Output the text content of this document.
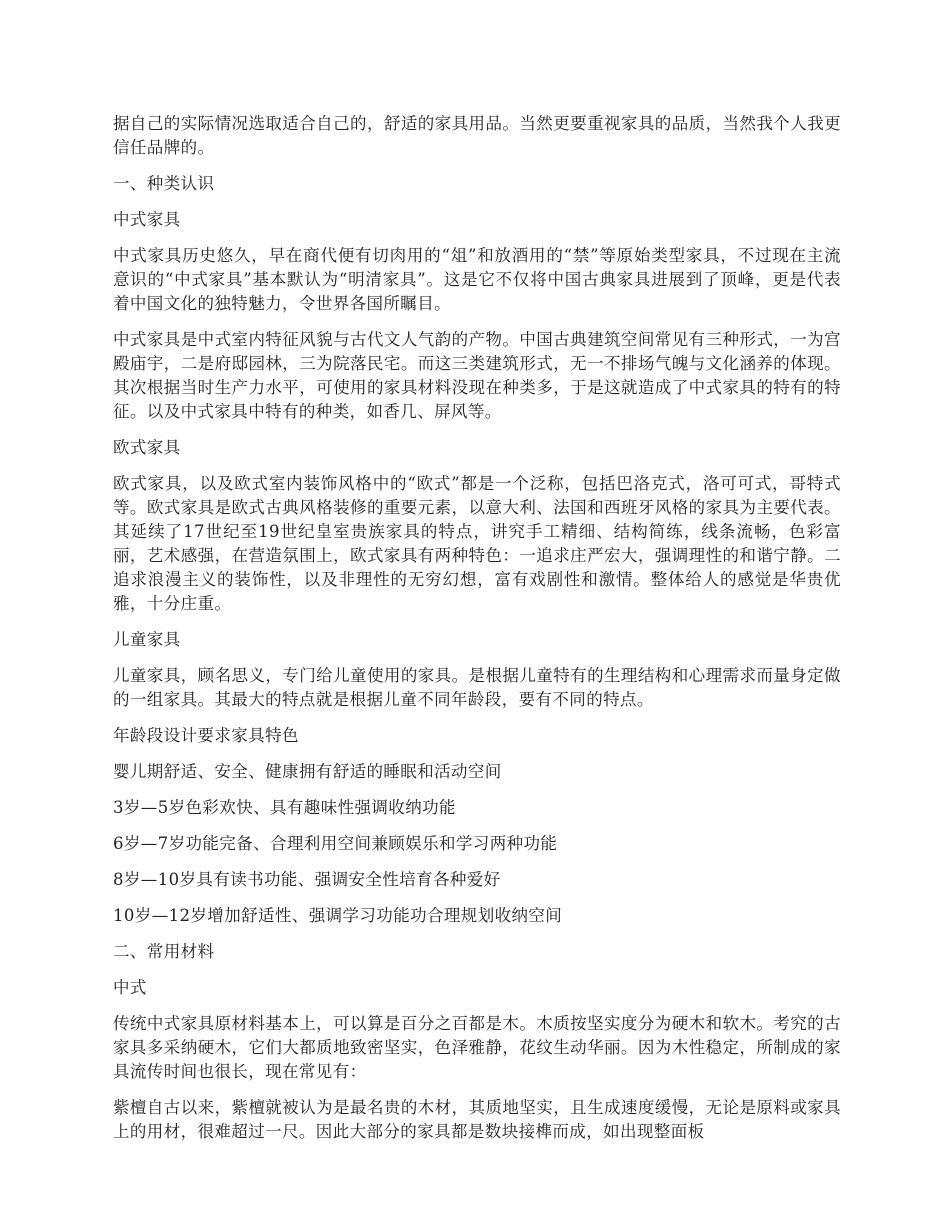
据自己的实际情况选取适合自己的，舒适的家具用品。当然更要重视家具的品质，当然我个人我更信任品牌的。

一、种类认识

中式家具

中式家具历史悠久，早在商代便有切肉用的“俎”和放酒用的“禁”等原始类型家具，不过现在主流意识的“中式家具”基本默认为“明清家具”。这是它不仅将中国古典家具进展到了顶峰，更是代表着中国文化的独特魅力，令世界各国所瞩目。

中式家具是中式室内特征风貌与古代文人气韵的产物。中国古典建筑空间常见有三种形式，一为宫殿庙宇，二是府邸园林，三为院落民宅。而这三类建筑形式，无一不排场气魄与文化涵养的体现。其次根据当时生产力水平，可使用的家具材料没现在种类多，于是这就造成了中式家具的特有的特征。以及中式家具中特有的种类，如香几、屏风等。

欧式家具

欧式家具，以及欧式室内装饰风格中的“欧式”都是一个泛称，包括巴洛克式，洛可可式，哥特式等。欧式家具是欧式古典风格装修的重要元素，以意大利、法国和西班牙风格的家具为主要代表。其延续了17世纪至19世纪皇室贵族家具的特点，讲究手工精细、结构简练，线条流畅，色彩富丽，艺术感强，在营造氛围上，欧式家具有两种特色：一追求庄严宏大，强调理性的和谐宁静。二追求浪漫主义的装饰性，以及非理性的无穷幻想，富有戏剧性和激情。整体给人的感觉是华贵优雅，十分庄重。

儿童家具

儿童家具，顾名思义，专门给儿童使用的家具。是根据儿童特有的生理结构和心理需求而量身定做的一组家具。其最大的特点就是根据儿童不同年龄段，要有不同的特点。

年龄段设计要求家具特色

婴儿期舒适、安全、健康拥有舒适的睡眠和活动空间

3岁—5岁色彩欢快、具有趣味性强调收纳功能

6岁—7岁功能完备、合理利用空间兼顾娱乐和学习两种功能

8岁—10岁具有读书功能、强调安全性培育各种爱好

10岁—12岁增加舒适性、强调学习功能功合理规划收纳空间

二、常用材料

中式

传统中式家具原材料基本上，可以算是百分之百都是木。木质按坚实度分为硬木和软木。考究的古家具多采纳硬木，它们大都质地致密坚实，色泽雅静，花纹生动华丽。因为木性稳定，所制成的家具流传时间也很长，现在常见有：

紫檀自古以来，紫檀就被认为是最名贵的木材，其质地坚实，且生成速度缓慢，无论是原料或家具上的用材，很难超过一尺。因此大部分的家具都是数块接榫而成，如出现整面板
